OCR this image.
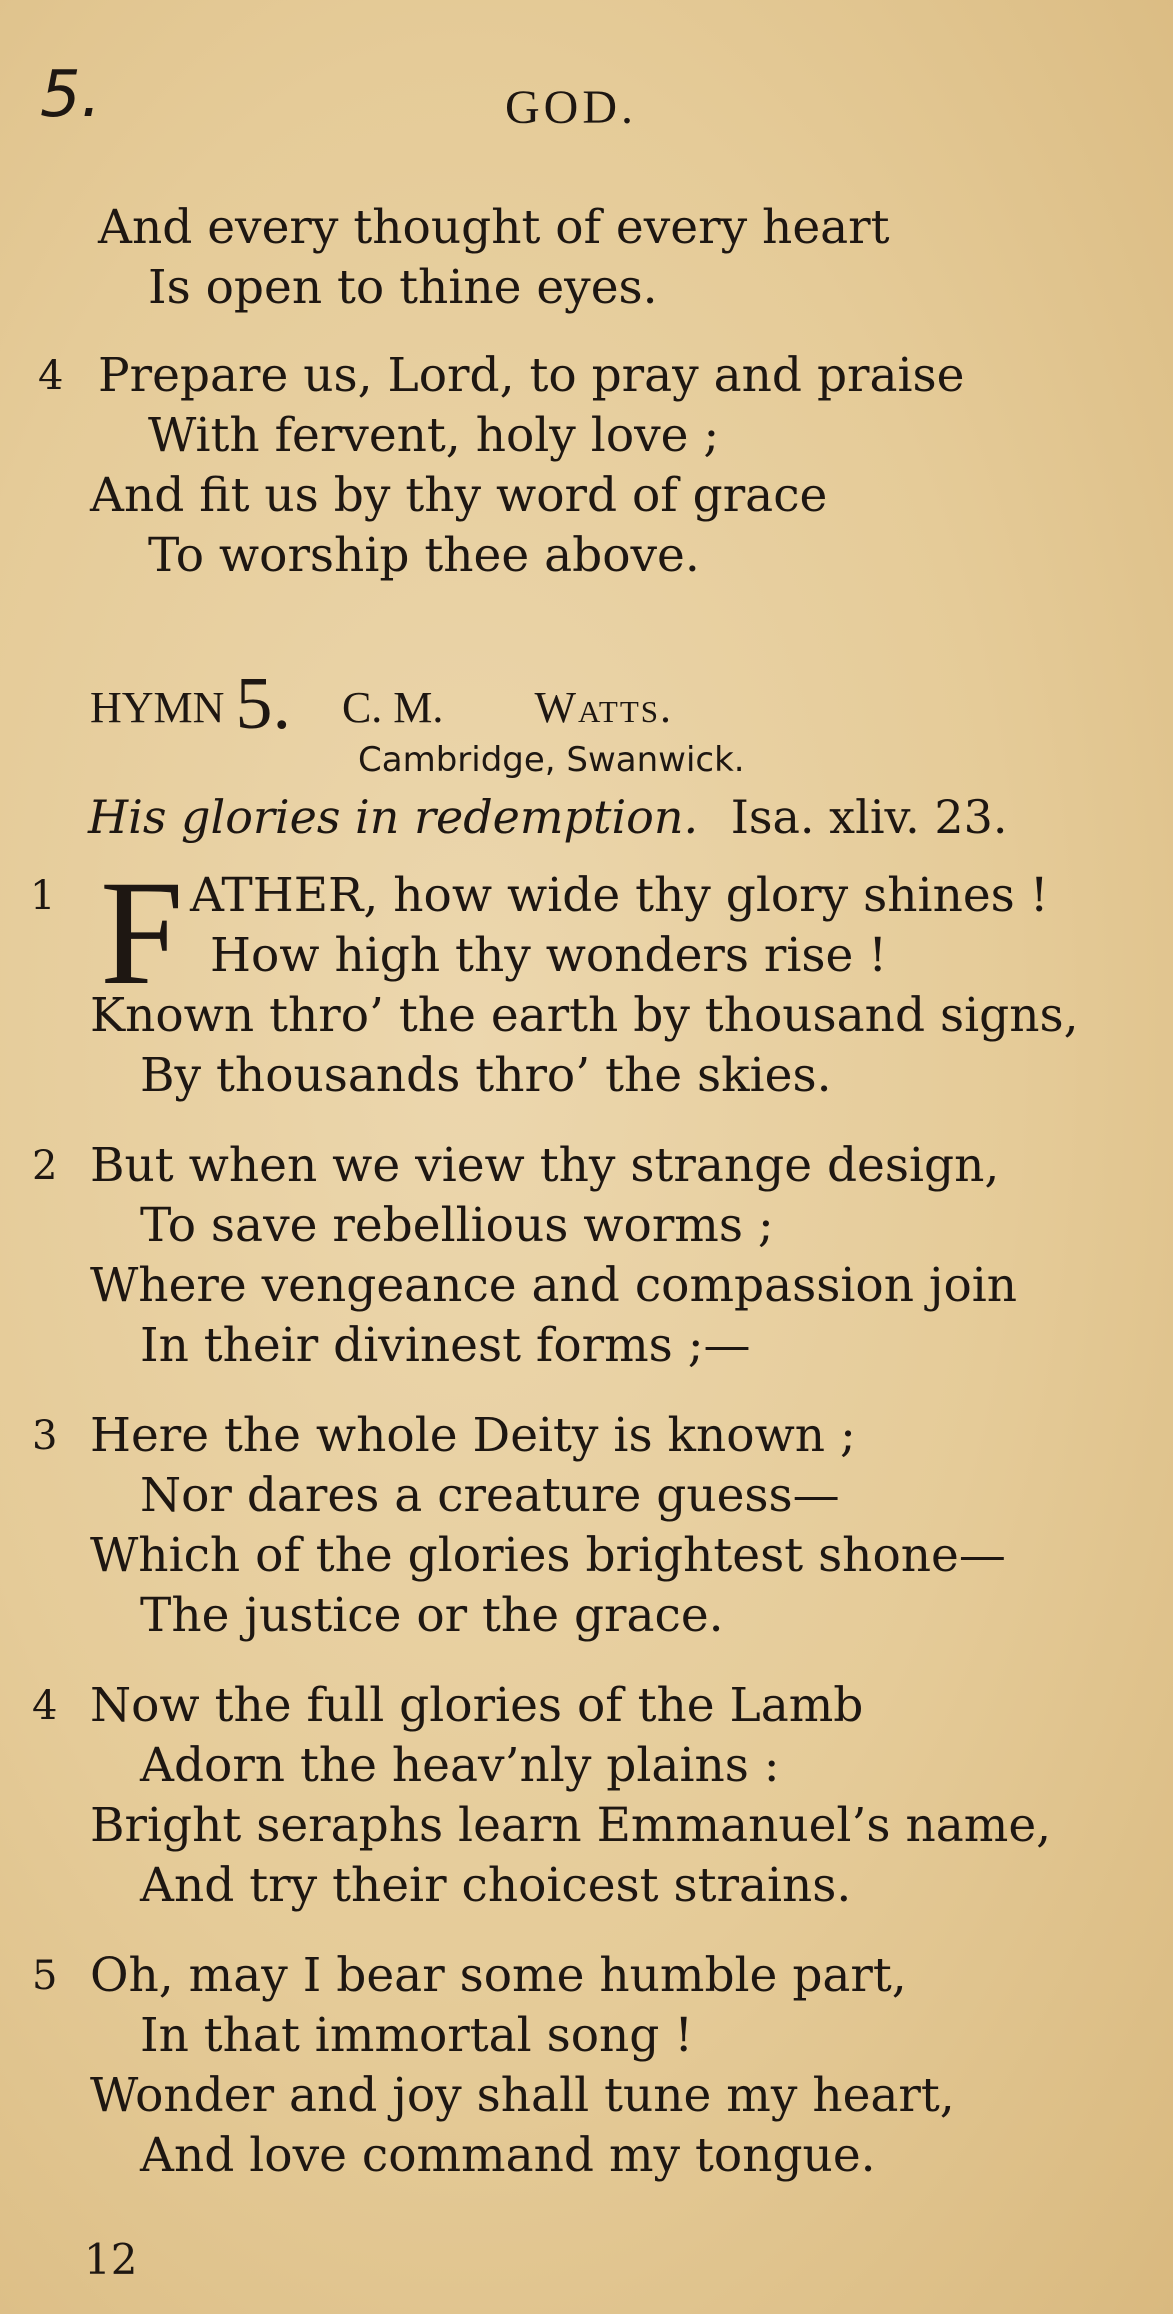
5.	GOD.
And every thought of every heart
Is open to thine eyes.
4 Prepare us, Lord, to pray and praise
With fervent, holy love ;
And fit us by thy word of grace
To worship thee above.
HYMN 5. C. M. Watts.
Cambridge, Swanwick.
His glories in redemption. Isa. xliv. 23.
1 F ATHER, how wide thy glory shines !
How high thy wonders rise !
Known thro’ the earth by thousand signs,
By thousands thro’ the skies.
2 But when we view thy strange design,
To save rebellious worms ;
Where vengeance and compassion join
In their divinest forms ;—
3 Here the whole Deity is known ;
Nor dares a creature guess—
Which of the glories brightest shone—
The justice or the grace.
4 Now the full glories of the Lamb
Adorn the heav’nly plains :
Bright seraphs learn Emmanuel’s name,
And try their choicest strains.
5 Oh, may I bear some humble part,
In that immortal song !
Wonder and joy shall tune my heart,
And love command my tongue.
12
